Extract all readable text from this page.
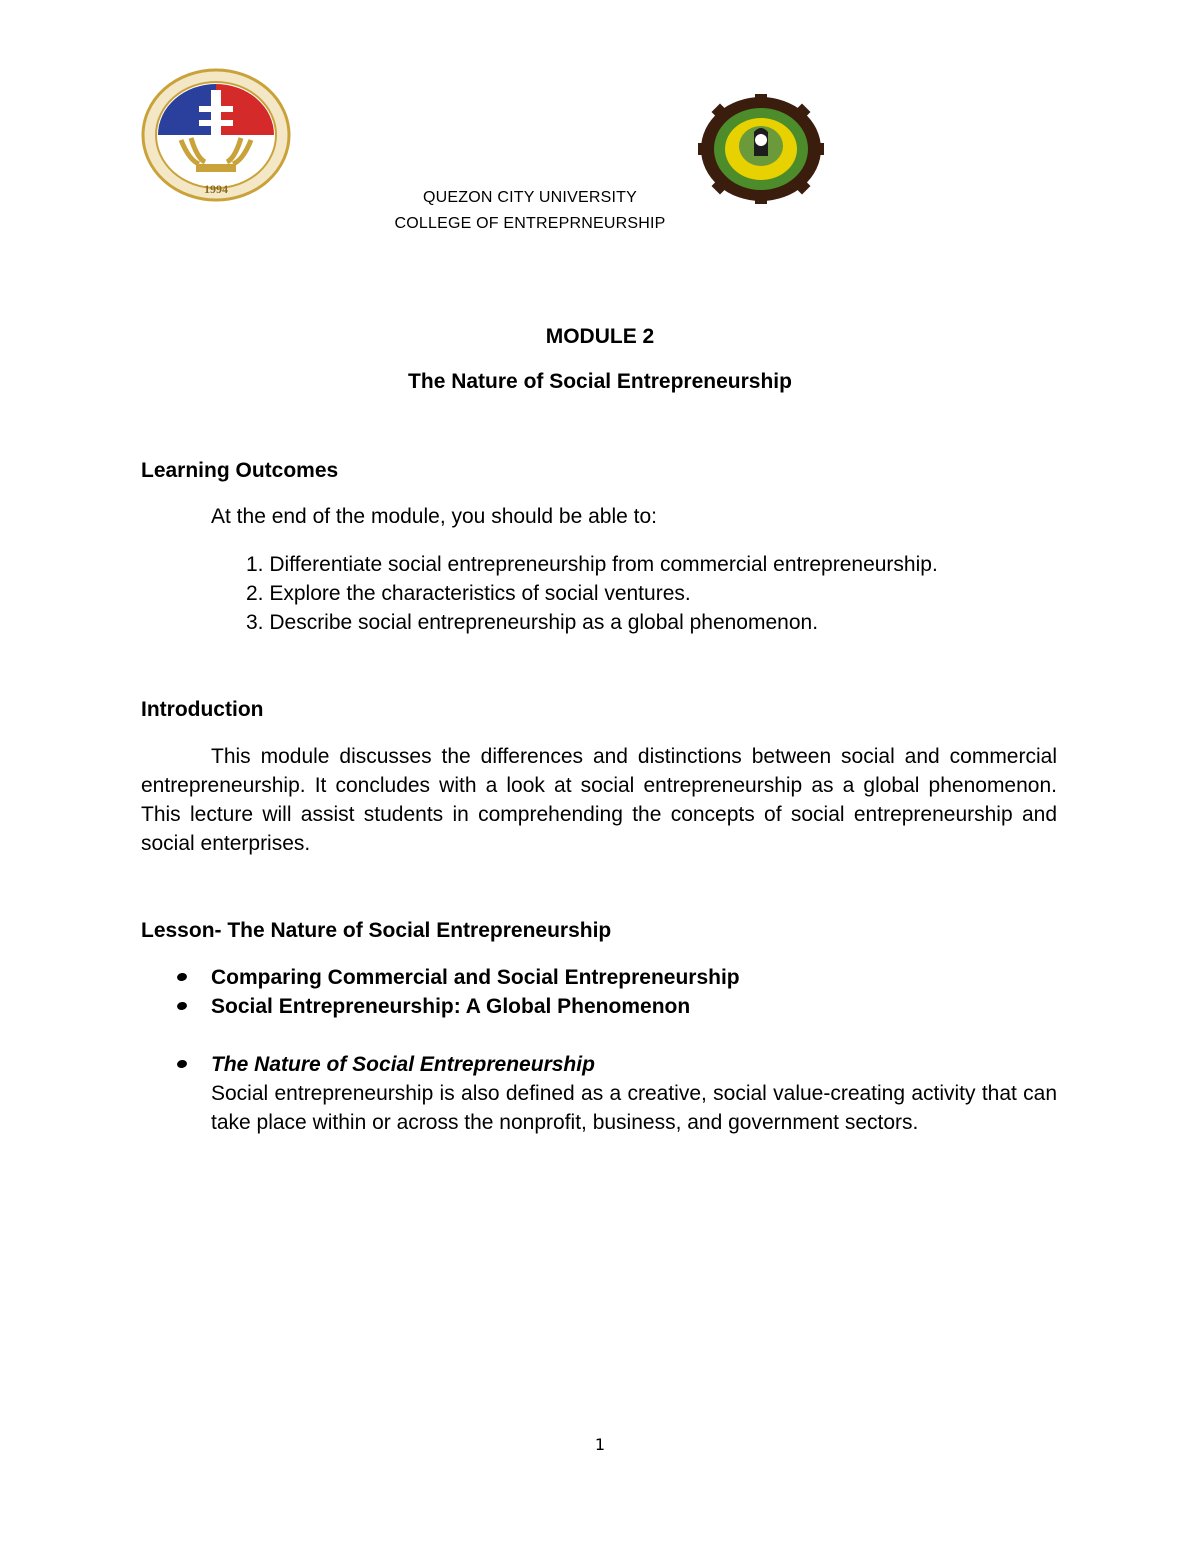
1994	QUEZON CITY UNIVERSITY
COLLEGE OF ENTREPRNEURSHIP
MODULE 2
The Nature of Social Entrepreneurship
Learning Outcomes
At the end of the module, you should be able to:
1. Differentiate social entrepreneurship from commercial entrepreneurship.
2. Explore the characteristics of social ventures.
3. Describe social entrepreneurship as a global phenomenon.
Introduction

This module discusses the differences and distinctions between social and commercial entrepreneurship. It concludes with a look at social entrepreneurship as a global phenomenon. This lecture will assist students in comprehending the concepts of social entrepreneurship and social enterprises.

Lesson- The Nature of Social Entrepreneurship
Comparing Commercial and Social Entrepreneurship
Social Entrepreneurship: A Global Phenomenon
The Nature of Social Entrepreneurship

Social entrepreneurship is also defined as a creative, social value-creating activity that can take place within or across the nonprofit, business, and government sectors.

1
